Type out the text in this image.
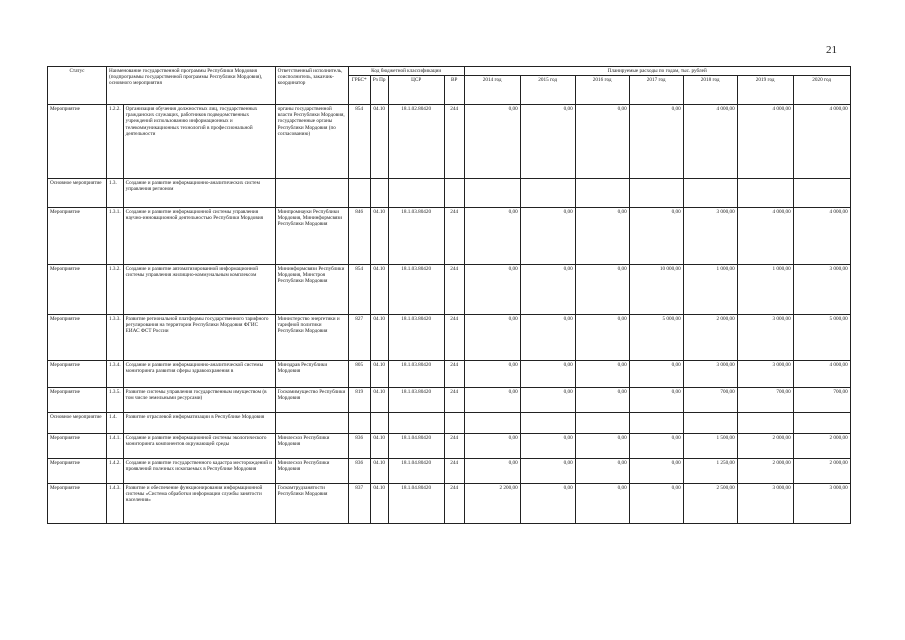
21
Статус	Наименование государственной программы Республики Мордовия (подпрограммы государственной программы Республики Мордовия), основного мероприятия		Ответственный исполнитель, соисполнитель, заказчик-координатор	Код бюджетной классификации				Планируемые расходы по годам, тыс. рублей						
				ГРБС*	Рз Пр	ЦСР	ВР	2014 год	2015 год	2016 год	2017 год	2018 год	2019 год	2020 год
Мероприятие	1.2.2.	Организация обучения должностных лиц, государственных гражданских служащих, работников подведомственных учреждений использованию информационных и телекоммуникационных технологий в профессиональной деятельности	органы государственной власти Республики Мордовия, государственные органы Республики Мордовия (по согласованию)	854	04.10	18.1.02.80420	244	0,00	0,00	0,00	0,00	4 000,00	4 000,00	4 000,00
Основное мероприятие	1.3.	Создание и развитие информационно-аналитических систем управления регионом												
Мероприятие	1.3.1.	Создание и развитие информационной системы управления научно-инновационной деятельностью Республики Мордовия	Минпромнауки Республики Мордовия, Мининформсвязи Республики Мордовия	846	04.10	18.1.03.80420	244	0,00	0,00	0,00	0,00	3 000,00	4 000,00	4 000,00
Мероприятие	1.3.2.	Создание и развитие автоматизированной информационной системы управления жилищно-коммунальным комплексом	Мининформсвязи Республики Мордовия, Минстроя Республики Мордовия	854	04.10	18.1.03.80420	244	0,00	0,00	0,00	10 000,00	1 000,00	1 000,00	3 000,00
Мероприятие	1.3.3.	Развитие региональной платформы государственного тарифного регулирования на территории Республики Мордовия ФГИС ЕИАС ФСТ России	Министерство энергетики и тарифной политики Республики Мордовия	827	04.10	18.1.03.80420	244	0,00	0,00	0,00	5 000,00	2 000,00	3 000,00	5 000,00
Мероприятие	1.3.4.	Создание и развитие информационно-аналитической системы мониторинга развития сферы здравоохранения в	Минздрав Республики Мордовия	805	04.10	18.1.03.80420	244	0,00	0,00	0,00	0,00	3 000,00	3 000,00	4 000,00
Мероприятие	1.3.5.	Развитие системы управления государственным имуществом (в том числе земельными ресурсами)	Госкомимущество Республики Мордовия	819	04.10	18.1.03.80420	244	0,00	0,00	0,00	0,00	700,00	700,00	700,00
Основное мероприятие	1.4.	Развитие отраслевой информатизации в Республике Мордовия												
Мероприятие	1.4.1.	Создание и развитие информационной системы экологического мониторинга компонентов окружающей среды	Минлесхоз Республики Мордовия	836	04.10	18.1.04.80420	244	0,00	0,00	0,00	0,00	1 500,00	2 000,00	2 000,00
Мероприятие	1.4.2.	Создание и развитие государственного кадастра месторождений и проявлений полезных ископаемых в Республике Мордовия	Минлесхоз Республики Мордовия	836	04.10	18.1.04.80420	244	0,00	0,00	0,00	0,00	1 250,00	2 000,00	2 000,00
Мероприятие	1.4.3.	Развитие и обеспечение функционирования информационной системы «Система обработки информации службы занятости населения»	Госкомтрудзанятости Республики Мордовия	837	04.10	18.1.04.80420	244	2 200,00	0,00	0,00	0,00	2 500,00	3 000,00	3 000,00
